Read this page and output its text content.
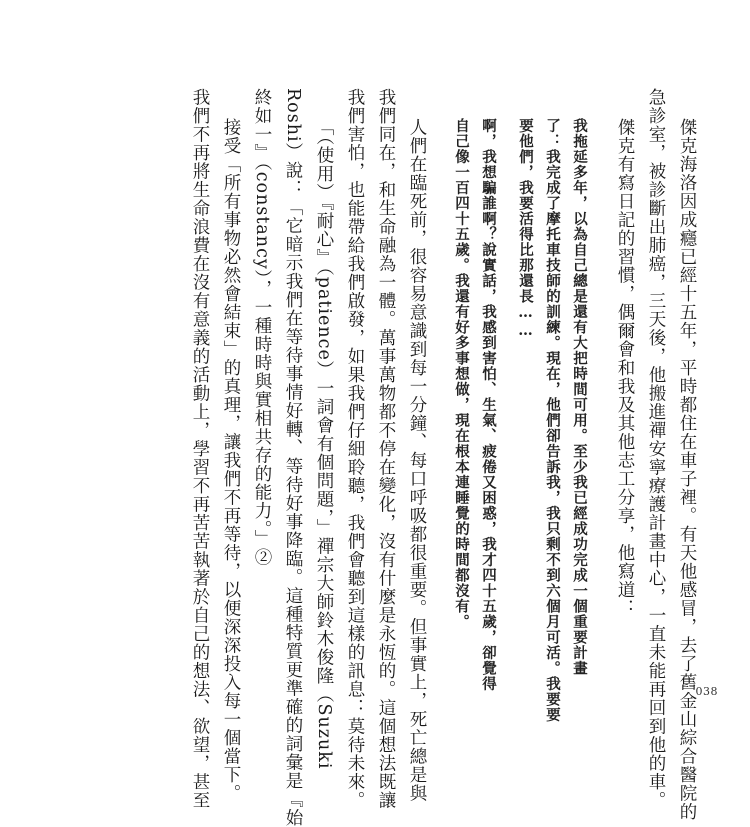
傑克海洛因成癮已經十五年，平時都住在車子裡。有天他感冒，去了舊金山綜合醫院的
急診室，被診斷出肺癌，三天後，他搬進禪安寧療護計畫中心，一直未能再回到他的車。
傑克有寫日記的習慣，偶爾會和我及其他志工分享，他寫道：
我拖延多年，以為自己總是還有大把時間可用。至少我已經成功完成一個重要計畫
了：我完成了摩托車技師的訓練。現在，他們卻告訴我，我只剩不到六個月可活。我要要
要他們，我要活得比那還長……
啊，我想騙誰啊？說實話，我感到害怕、生氣、疲倦又困惑，我才四十五歲，卻覺得
自己像一百四十五歲。我還有好多事想做，現在根本連睡覺的時間都沒有。
人們在臨死前，很容易意識到每一分鐘、每口呼吸都很重要。但事實上，死亡總是與
我們同在，和生命融為一體。萬事萬物都不停在變化，沒有什麼是永恆的。這個想法既讓
我們害怕，也能帶給我們啟發，如果我們仔細聆聽，我們會聽到這樣的訊息：莫待未來。
「（使用）『耐心』（patience）一詞會有個問題，」禪宗大師鈴木俊隆（Suzuki
Roshi）說：「它暗示我們在等待事情好轉、等待好事降臨。這種特質更準確的詞彙是『始
終如一』（constancy），一種時時與實相共存的能力。」②
接受「所有事物必然會結束」的真理，讓我們不再等待，以便深深投入每一個當下。
我們不再將生命浪費在沒有意義的活動上，學習不再苦苦執著於自己的想法、欲望，甚至	038
